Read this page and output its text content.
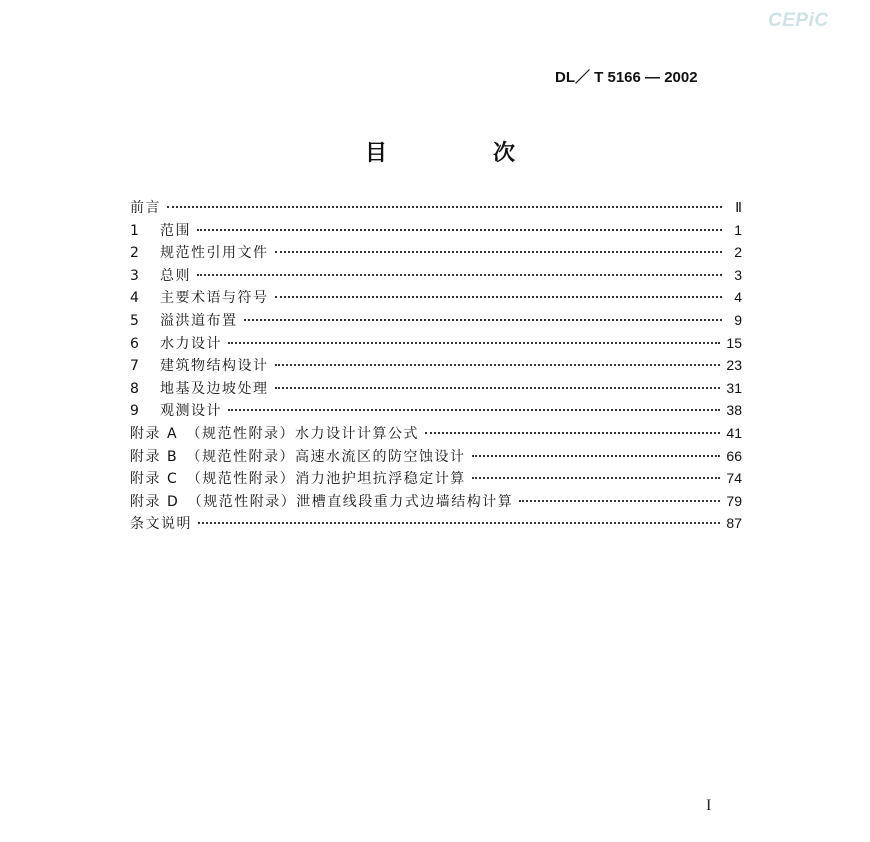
CEPiC
DL／ T 5166 — 2002
目	次
前言	Ⅱ
1	范围	1
2	规范性引用文件	2
3	总则	3
4	主要术语与符号	4
5	溢洪道布置	9
6	水力设计	15
7	建筑物结构设计	23
8	地基及边坡处理	31
9	观测设计	38
附录 A　（规范性附录）水力设计计算公式	41
附录 B　（规范性附录）高速水流区的防空蚀设计	66
附录 C　（规范性附录）消力池护坦抗浮稳定计算	74
附录 D　（规范性附录）泄槽直线段重力式边墙结构计算	79
条文说明	87
I
